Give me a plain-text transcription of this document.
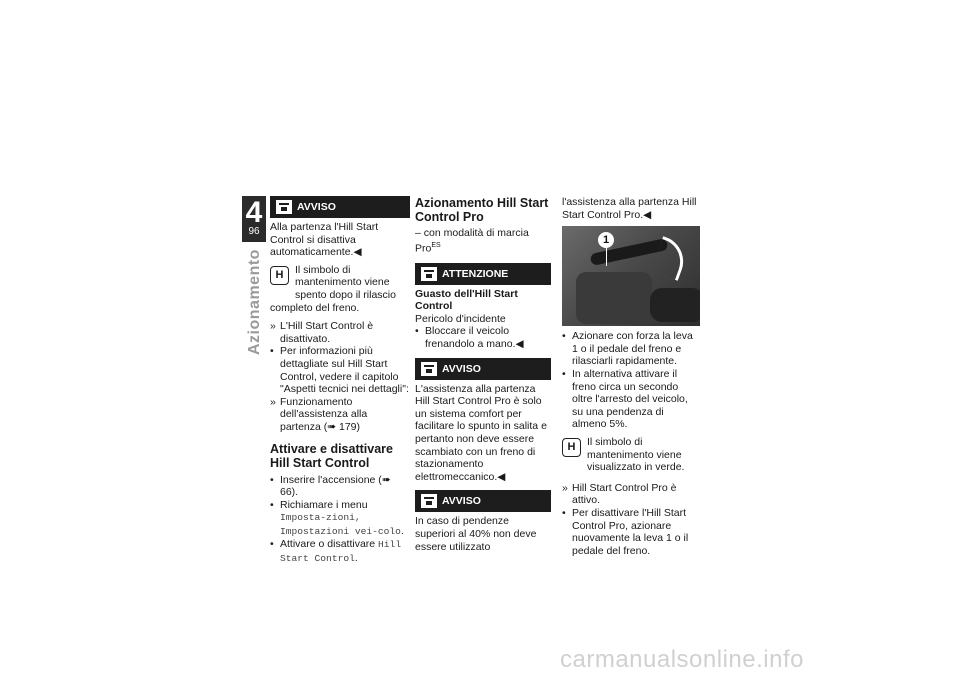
4
96
Azionamento
AVVISO

Alla partenza l'Hill Start Control si disattiva automaticamente.◀

H	Il simbolo di mantenimento viene spento dopo il rilascio

completo del freno.

» L'Hill Start Control è disattivato.
• Per informazioni più dettagliate sul Hill Start Control, vedere il capitolo "Aspetti tecnici nei dettagli":
» Funzionamento dell'assistenza alla partenza (➠ 179)
Attivare e disattivare Hill Start Control
• Inserire l'accensione (➠ 66).
• Richiamare i menu Imposta-zioni, Impostazioni vei-colo.
• Attivare o disattivare Hill Start Control.
Azionamento Hill Start Control Pro

– con modalità di marcia Pro$^{ES}$

ATTENZIONE

Guasto dell'Hill Start Control

Pericolo d'incidente

• Bloccare il veicolo frenandolo a mano.◀
AVVISO

L'assistenza alla partenza Hill Start Control Pro è solo un sistema comfort per facilitare lo spunto in salita e pertanto non deve essere scambiato con un freno di stazionamento elettromeccanico.◀

AVVISO

In caso di pendenze superiori al 40% non deve essere utilizzato

l'assistenza alla partenza Hill Start Control Pro.◀

1
• Azionare con forza la leva 1 o il pedale del freno e rilasciarli rapidamente.
• In alternativa attivare il freno circa un secondo oltre l'arresto del veicolo, su una pendenza di almeno 5%.
H	Il simbolo di mantenimento viene visualizzato in verde.

» Hill Start Control Pro è attivo.
• Per disattivare l'Hill Start Control Pro, azionare nuovamente la leva 1 o il pedale del freno.
carmanualsonline.info
